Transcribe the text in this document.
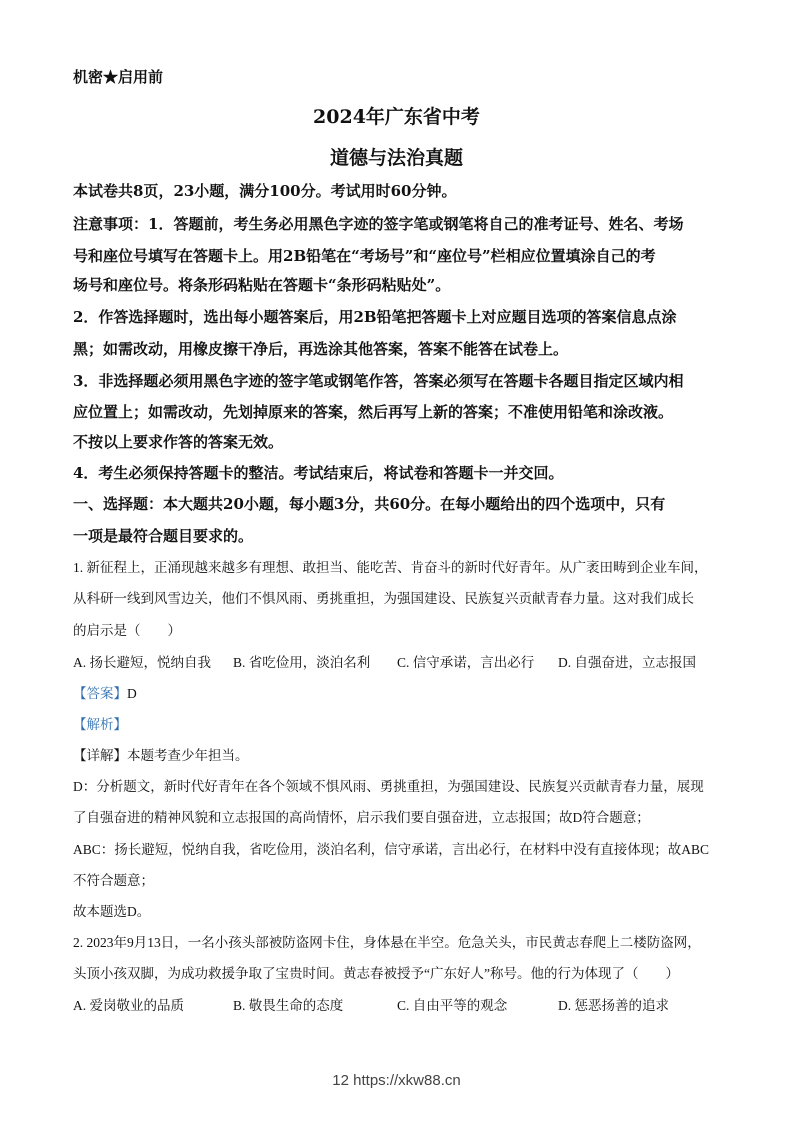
机密★启用前
2024年广东省中考
道德与法治真题
本试卷共8页，23小题，满分100分。考试用时60分钟。
注意事项：1．答题前，考生务必用黑色字迹的签字笔或钢笔将自己的准考证号、姓名、考场
号和座位号填写在答题卡上。用2B铅笔在“考场号”和“座位号”栏相应位置填涂自己的考
场号和座位号。将条形码粘贴在答题卡“条形码粘贴处”。
2．作答选择题时，选出每小题答案后，用2B铅笔把答题卡上对应题目选项的答案信息点涂
黑；如需改动，用橡皮擦干净后，再选涂其他答案，答案不能答在试卷上。
3．非选择题必须用黑色字迹的签字笔或钢笔作答，答案必须写在答题卡各题目指定区域内相
应位置上；如需改动，先划掉原来的答案，然后再写上新的答案；不准使用铅笔和涂改液。
不按以上要求作答的答案无效。
4．考生必须保持答题卡的整洁。考试结束后，将试卷和答题卡一并交回。
一、选择题：本大题共20小题，每小题3分，共60分。在每小题给出的四个选项中，只有
一项是最符合题目要求的。
1. 新征程上，正涌现越来越多有理想、敢担当、能吃苦、肯奋斗的新时代好青年。从广袤田畴到企业车间，
从科研一线到风雪边关，他们不惧风雨、勇挑重担，为强国建设、民族复兴贡献青春力量。这对我们成长
的启示是（　　）
A. 扬长避短，悦纳自我 B. 省吃俭用，淡泊名利 C. 信守承诺，言出必行 D. 自强奋进，立志报国
【答案】D
【解析】
【详解】本题考查少年担当。
D：分析题文，新时代好青年在各个领域不惧风雨、勇挑重担，为强国建设、民族复兴贡献青春力量，展现
了自强奋进的精神风貌和立志报国的高尚情怀，启示我们要自强奋进，立志报国；故D符合题意；
ABC：扬长避短，悦纳自我，省吃俭用，淡泊名利，信守承诺，言出必行，在材料中没有直接体现；故ABC
不符合题意；
故本题选D。
2. 2023年9月13日，一名小孩头部被防盗网卡住，身体悬在半空。危急关头，市民黄志春爬上二楼防盗网，
头顶小孩双脚，为成功救援争取了宝贵时间。黄志春被授予“广东好人”称号。他的行为体现了（　　）
A. 爱岗敬业的品质	B. 敬畏生命的态度	C. 自由平等的观念	D. 惩恶扬善的追求
12 https://xkw88.cn
